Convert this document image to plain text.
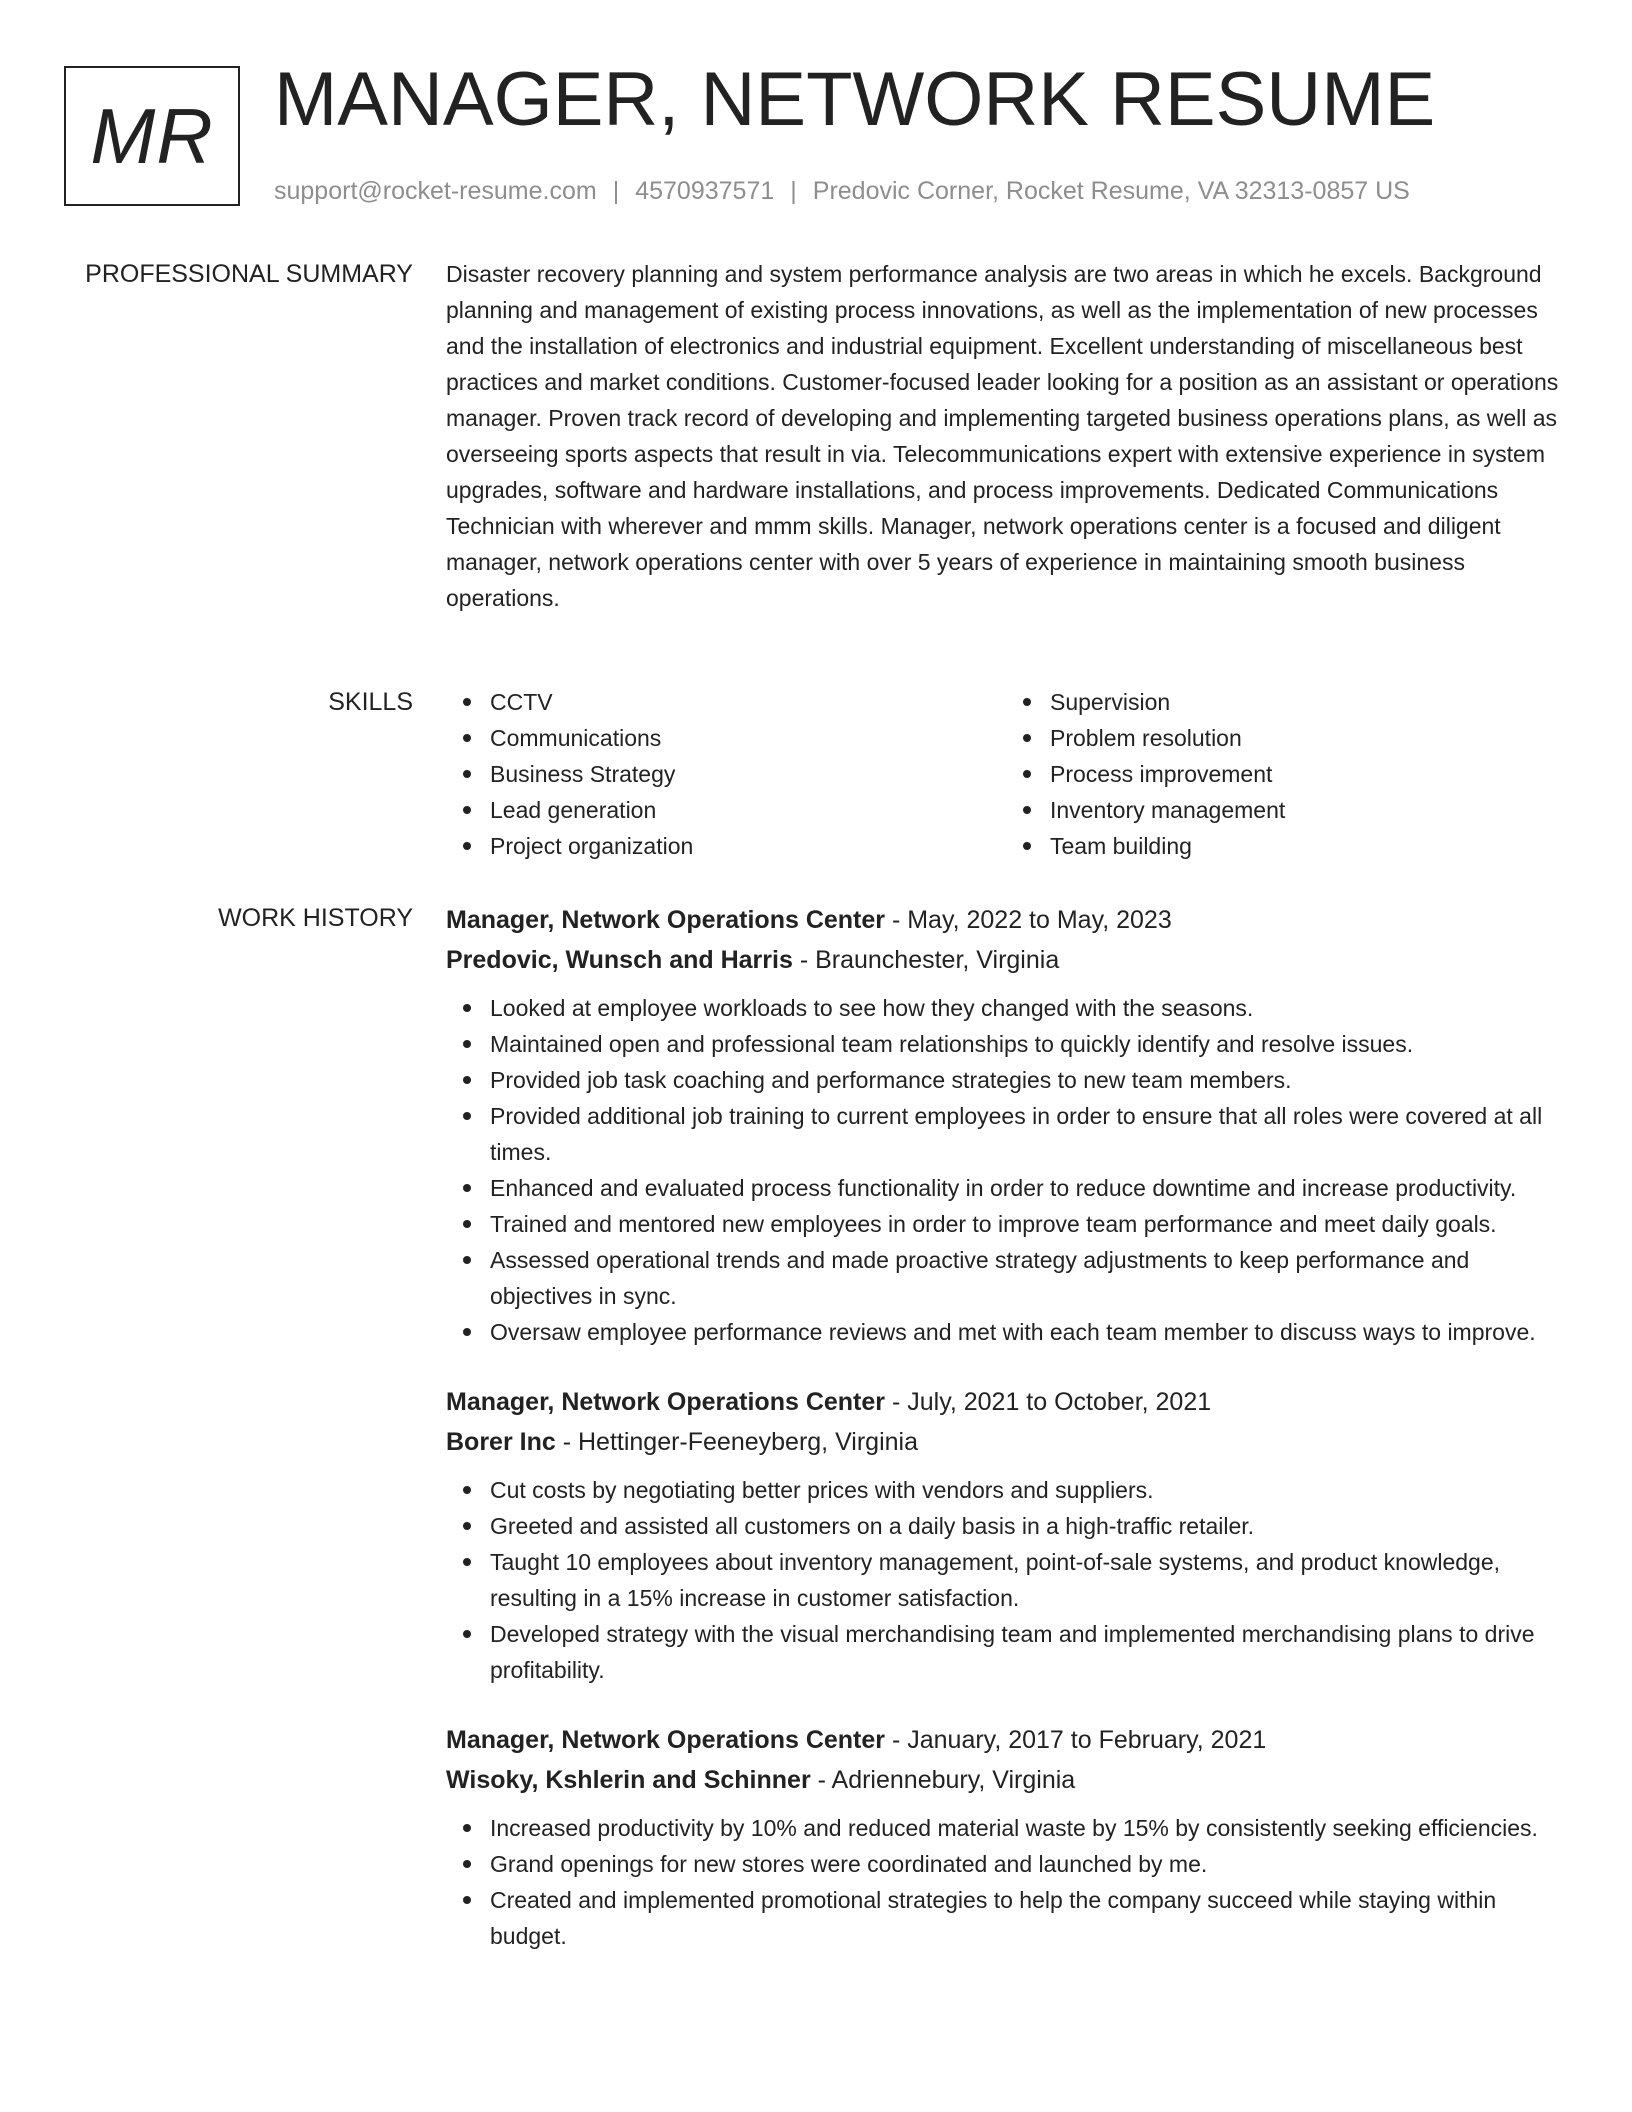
MR MANAGER, NETWORK RESUME
support@rocket-resume.com | 4570937571 | Predovic Corner, Rocket Resume, VA 32313-0857 US
PROFESSIONAL SUMMARY Disaster recovery planning and system performance analysis are two areas in which he excels. Background planning and management of existing process innovations, as well as the implementation of new processes and the installation of electronics and industrial equipment. Excellent understanding of miscellaneous best practices and market conditions. Customer-focused leader looking for a position as an assistant or operations manager. Proven track record of developing and implementing targeted business operations plans, as well as overseeing sports aspects that result in via. Telecommunications expert with extensive experience in system upgrades, software and hardware installations, and process improvements. Dedicated Communications Technician with wherever and mmm skills. Manager, network operations center is a focused and diligent manager, network operations center with over 5 years of experience in maintaining smooth business operations.

SKILLS	CCTV
Communications
Business Strategy
Lead generation
Project organization
Supervision
Problem resolution
Process improvement
Inventory management
Team building
WORK HISTORY Manager, Network Operations Center - May, 2022 to May, 2023
Predovic, Wunsch and Harris - Braunchester, Virginia
Looked at employee workloads to see how they changed with the seasons.
Maintained open and professional team relationships to quickly identify and resolve issues.
Provided job task coaching and performance strategies to new team members.
Provided additional job training to current employees in order to ensure that all roles were covered at all times.
Enhanced and evaluated process functionality in order to reduce downtime and increase productivity.
Trained and mentored new employees in order to improve team performance and meet daily goals.
Assessed operational trends and made proactive strategy adjustments to keep performance and objectives in sync.
Oversaw employee performance reviews and met with each team member to discuss ways to improve.
Manager, Network Operations Center - July, 2021 to October, 2021
Borer Inc - Hettinger-Feeneyberg, Virginia
Cut costs by negotiating better prices with vendors and suppliers.
Greeted and assisted all customers on a daily basis in a high-traffic retailer.
Taught 10 employees about inventory management, point-of-sale systems, and product knowledge, resulting in a 15% increase in customer satisfaction.
Developed strategy with the visual merchandising team and implemented merchandising plans to drive profitability.
Manager, Network Operations Center - January, 2017 to February, 2021
Wisoky, Kshlerin and Schinner - Adriennebury, Virginia
Increased productivity by 10% and reduced material waste by 15% by consistently seeking efficiencies.
Grand openings for new stores were coordinated and launched by me.
Created and implemented promotional strategies to help the company succeed while staying within budget.
